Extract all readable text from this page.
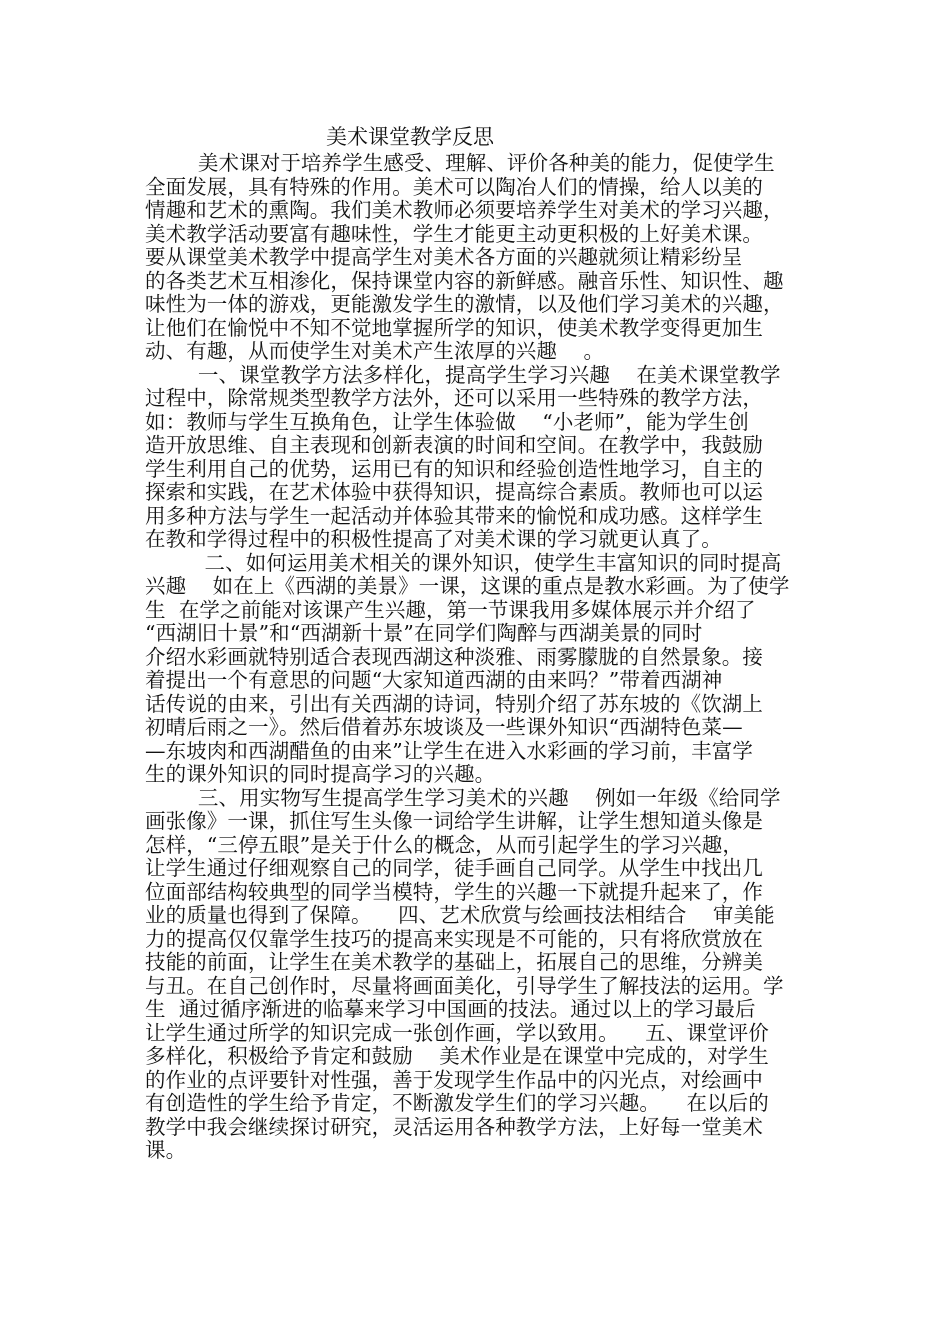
美术课堂教学反思
美术课对于培养学生感受、理解、评价各种美的能力，促使学生
全面发展，具有特殊的作用。美术可以陶冶人们的情操，给人以美的
情趣和艺术的熏陶。我们美术教师必须要培养学生对美术的学习兴趣，
美术教学活动要富有趣味性，学生才能更主动更积极的上好美术课。
要从课堂美术教学中提高学生对美术各方面的兴趣就须让精彩纷呈
的各类艺术互相渗化，保持课堂内容的新鲜感。融音乐性、知识性、趣
味性为一体的游戏，更能激发学生的激情，以及他们学习美术的兴趣，
让他们在愉悦中不知不觉地掌握所学的知识，使美术教学变得更加生
动、有趣，从而使学生对美术产生浓厚的兴趣    。
一、课堂教学方法多样化，提高学生学习兴趣    在美术课堂教学
过程中，除常规类型教学方法外，还可以采用一些特殊的教学方法，
如：教师与学生互换角色，让学生体验做    “小老师”，能为学生创
造开放思维、自主表现和创新表演的时间和空间。在教学中，我鼓励
学生利用自己的优势，运用已有的知识和经验创造性地学习，自主的
探索和实践，在艺术体验中获得知识，提高综合素质。教师也可以运
用多种方法与学生一起活动并体验其带来的愉悦和成功感。这样学生
在教和学得过程中的积极性提高了对美术课的学习就更认真了。
二、如何运用美术相关的课外知识，使学生丰富知识的同时提高
兴趣    如在上《西湖的美景》一课，这课的重点是教水彩画。为了使学
生  在学之前能对该课产生兴趣，第一节课我用多媒体展示并介绍了
“西湖旧十景”和“西湖新十景”在同学们陶醉与西湖美景的同时
介绍水彩画就特别适合表现西湖这种淡雅、雨雾朦胧的自然景象。接
着提出一个有意思的问题“大家知道西湖的由来吗？”带着西湖神
话传说的由来，引出有关西湖的诗词，特别介绍了苏东坡的《饮湖上
初晴后雨之一》。然后借着苏东坡谈及一些课外知识“西湖特色菜—
—东坡肉和西湖醋鱼的由来”让学生在进入水彩画的学习前，丰富学
生的课外知识的同时提高学习的兴趣。
三、用实物写生提高学生学习美术的兴趣    例如一年级《给同学
画张像》一课，抓住写生头像一词给学生讲解，让学生想知道头像是
怎样，“三停五眼”是关于什么的概念，从而引起学生的学习兴趣，
让学生通过仔细观察自己的同学，徒手画自己同学。从学生中找出几
位面部结构较典型的同学当模特，学生的兴趣一下就提升起来了，作
业的质量也得到了保障。    四、艺术欣赏与绘画技法相结合    审美能
力的提高仅仅靠学生技巧的提高来实现是不可能的，只有将欣赏放在
技能的前面，让学生在美术教学的基础上，拓展自己的思维，分辨美
与丑。在自己创作时，尽量将画面美化，引导学生了解技法的运用。学
生  通过循序渐进的临摹来学习中国画的技法。通过以上的学习最后
让学生通过所学的知识完成一张创作画，学以致用。    五、课堂评价
多样化，积极给予肯定和鼓励    美术作业是在课堂中完成的，对学生
的作业的点评要针对性强，善于发现学生作品中的闪光点，对绘画中
有创造性的学生给予肯定，不断激发学生们的学习兴趣。    在以后的
教学中我会继续探讨研究，灵活运用各种教学方法，上好每一堂美术
课。
